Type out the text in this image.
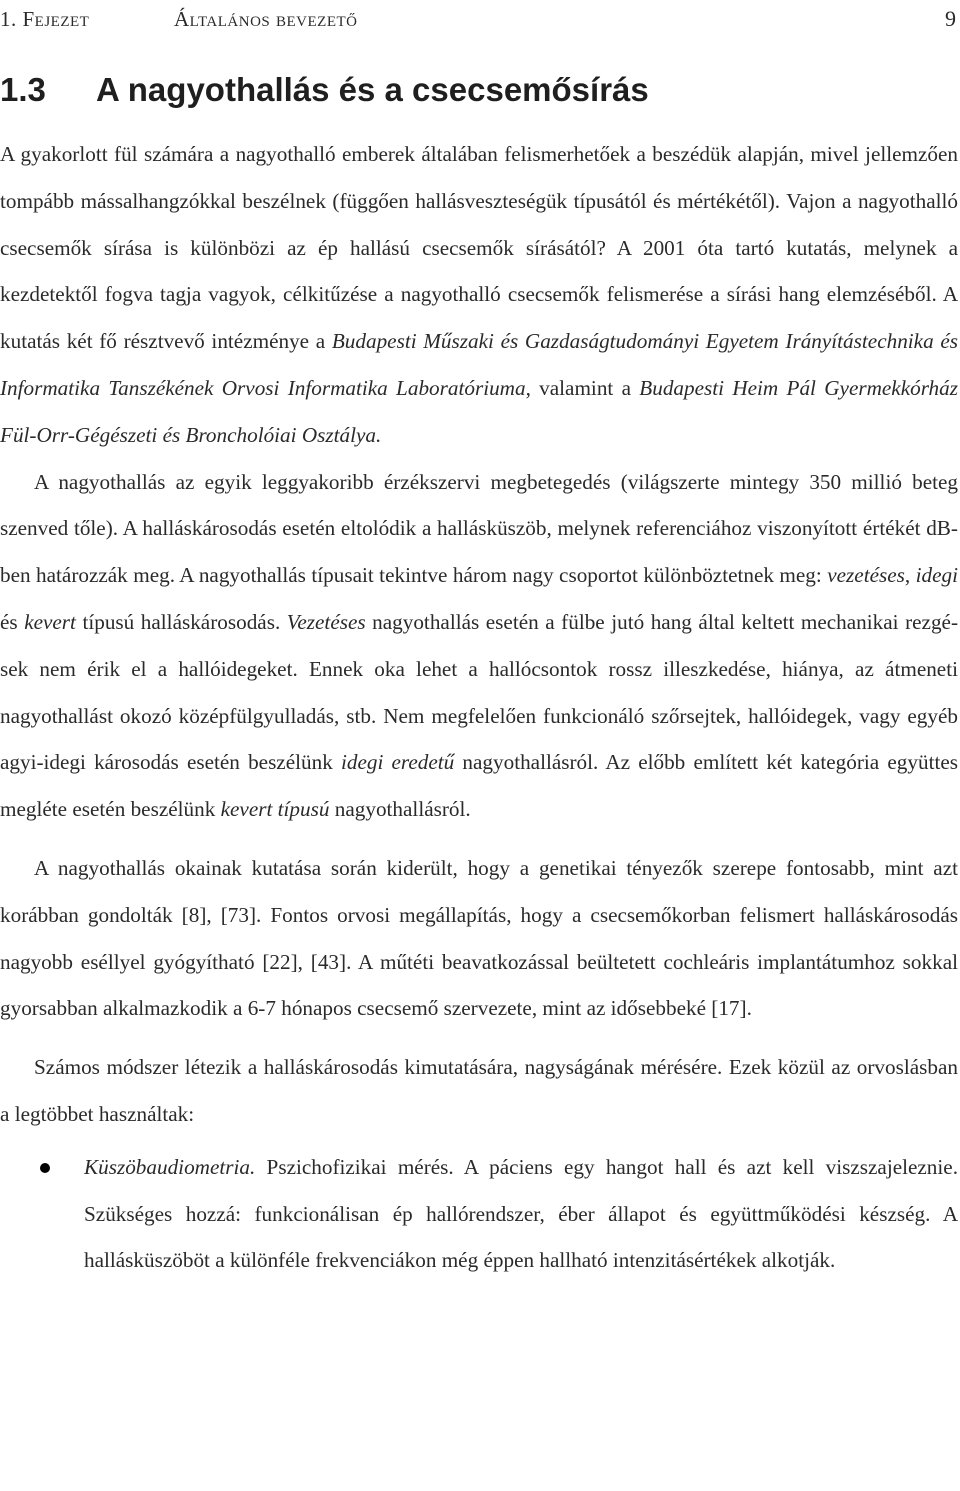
1. Fejezet	Általános bevezető	9
1.3 A nagyothallás és a csecsemősírás

A gyakorlott fül számára a nagyothalló emberek általában felismerhetőek a beszédük alapján, mivel jellemzően tompább mássalhangzókkal beszélnek (függően hallásveszteségük típusától és mértékétől). Vajon a nagyothalló csecsemők sírása is különbözi az ép hallású csecsemők sírásától? A 2001 óta tartó kutatás, melynek a kezdetektől fogva tagja vagyok, célkitűzése a nagyothalló csecsemők felismerése a sírási hang elemzéséből. A kutatás két fő résztvevő intézménye a Budapesti Műszaki és Gazdaságtudományi Egyetem Irányítástechnika és Informatika Tanszékének Orvosi Informatika Laboratóriuma, valamint a Budapesti Heim Pál Gyermekkórház Fül-Orr-Gégészeti és Broncholóiai Osztálya.

A nagyothallás az egyik leggyakoribb érzékszervi megbetegedés (világszerte mintegy 350 millió beteg szenved tőle). A halláskárosodás esetén eltolódik a hallásküszöb, melynek referenciához viszonyított értékét dB-ben határozzák meg. A nagyothallás típusait tekintve három nagy csoportot különböztetnek meg: vezetéses, idegi és kevert típusú halláskárosodás. Vezetéses nagyothallás esetén a fülbe jutó hang által keltett mechanikai rezgések nem érik el a hallóidegeket. Ennek oka lehet a hallócsontok rossz illeszkedése, hiánya, az átmeneti nagyothallást okozó középfülgyulladás, stb. Nem megfelelően funkcionáló szőrsejtek, hallóidegek, vagy egyéb agyi-idegi károsodás esetén beszélünk idegi eredetű nagyothallásról. Az előbb említett két kategória együttes megléte esetén beszélünk kevert típusú nagyothallásról.

A nagyothallás okainak kutatása során kiderült, hogy a genetikai tényezők szerepe fontosabb, mint azt korábban gondolták [8], [73]. Fontos orvosi megállapítás, hogy a csecsemőkorban felismert halláskárosodás nagyobb eséllyel gyógyítható [22], [43]. A műtéti beavatkozással beültetett cochleáris implantátumhoz sokkal gyorsabban alkalmazkodik a 6-7 hónapos csecsemő szervezete, mint az idősebbeké [17].

Számos módszer létezik a halláskárosodás kimutatására, nagyságának mérésére. Ezek közül az orvoslásban a legtöbbet használtak:

Küszöbaudiometria. Pszichofizikai mérés. A páciens egy hangot hall és azt kell viszszajeleznie. Szükséges hozzá: funkcionálisan ép hallórendszer, éber állapot és együttműködési készség. A hallásküszöböt a különféle frekvenciákon még éppen hallható intenzitásértékek alkotják.
